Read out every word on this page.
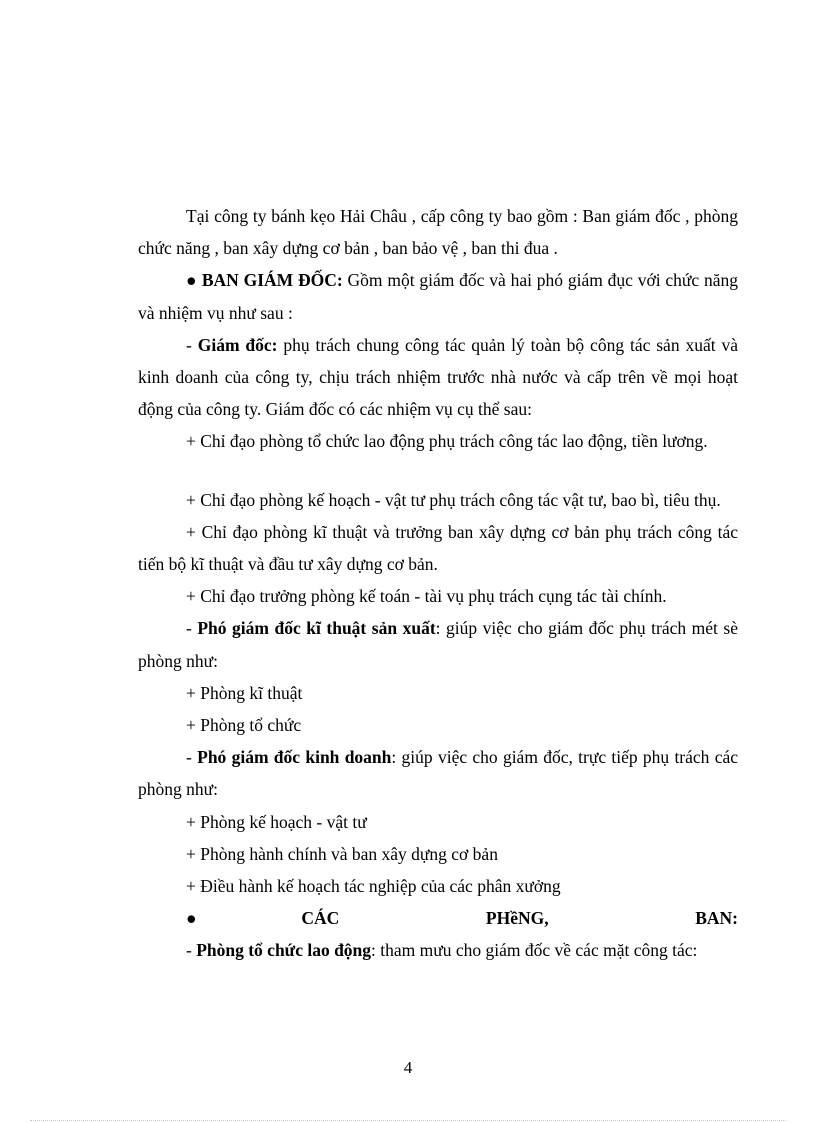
Tại công ty bánh kẹo Hải Châu , cấp công ty bao gồm : Ban giám đốc , phòng chức năng , ban xây dựng cơ bản , ban bảo vệ , ban thi đua .

● BAN GIÁM ĐỐC: Gồm một giám đốc và hai phó giám đục với chức năng và nhiệm vụ như sau :

- Giám đốc: phụ trách chung công tác quản lý toàn bộ công tác sản xuất và kinh doanh của công ty, chịu trách nhiệm trước nhà nước và cấp trên về mọi hoạt động của công ty. Giám đốc có các nhiệm vụ cụ thể sau:

+ Chỉ đạo phòng tổ chức lao động phụ trách công tác lao động, tiền lương.

+ Chỉ đạo phòng kế hoạch - vật tư phụ trách công tác vật tư, bao bì, tiêu thụ.

+ Chỉ đạo phòng kĩ thuật và trưởng ban xây dựng cơ bản phụ trách công tác tiến bộ kĩ thuật và đầu tư xây dựng cơ bản.

+ Chỉ đạo trưởng phòng kế toán - tài vụ phụ trách cụng tác tài chính.

- Phó giám đốc kĩ thuật sản xuất: giúp việc cho giám đốc phụ trách mét sè phòng như:

+ Phòng kĩ thuật

+ Phòng tổ chức

- Phó giám đốc kinh doanh: giúp việc cho giám đốc, trực tiếp phụ trách các phòng như:

+ Phòng kế hoạch - vật tư

+ Phòng hành chính và ban xây dựng cơ bản

+ Điều hành kế hoạch tác nghiệp của các phân xưởng

●	CÁC PHềNG, BAN:

- Phòng tổ chức lao động: tham mưu cho giám đốc về các mặt công tác:

4
